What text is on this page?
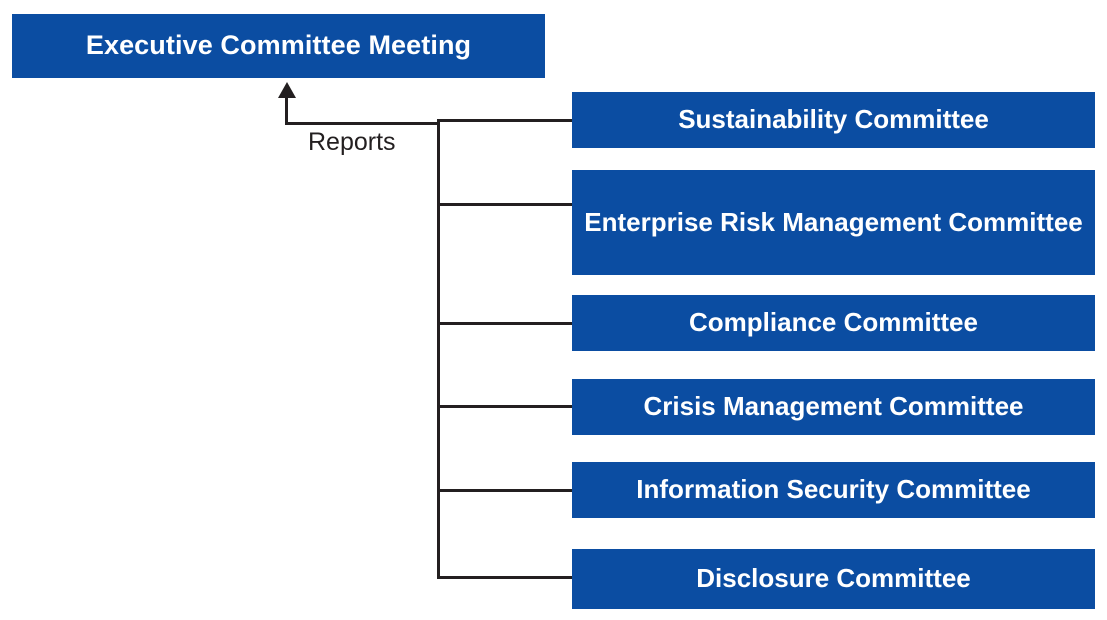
Executive Committee Meeting
Reports
Sustainability Committee
Enterprise Risk Management Committee
Compliance Committee
Crisis Management Committee
Information Security Committee
Disclosure Committee
